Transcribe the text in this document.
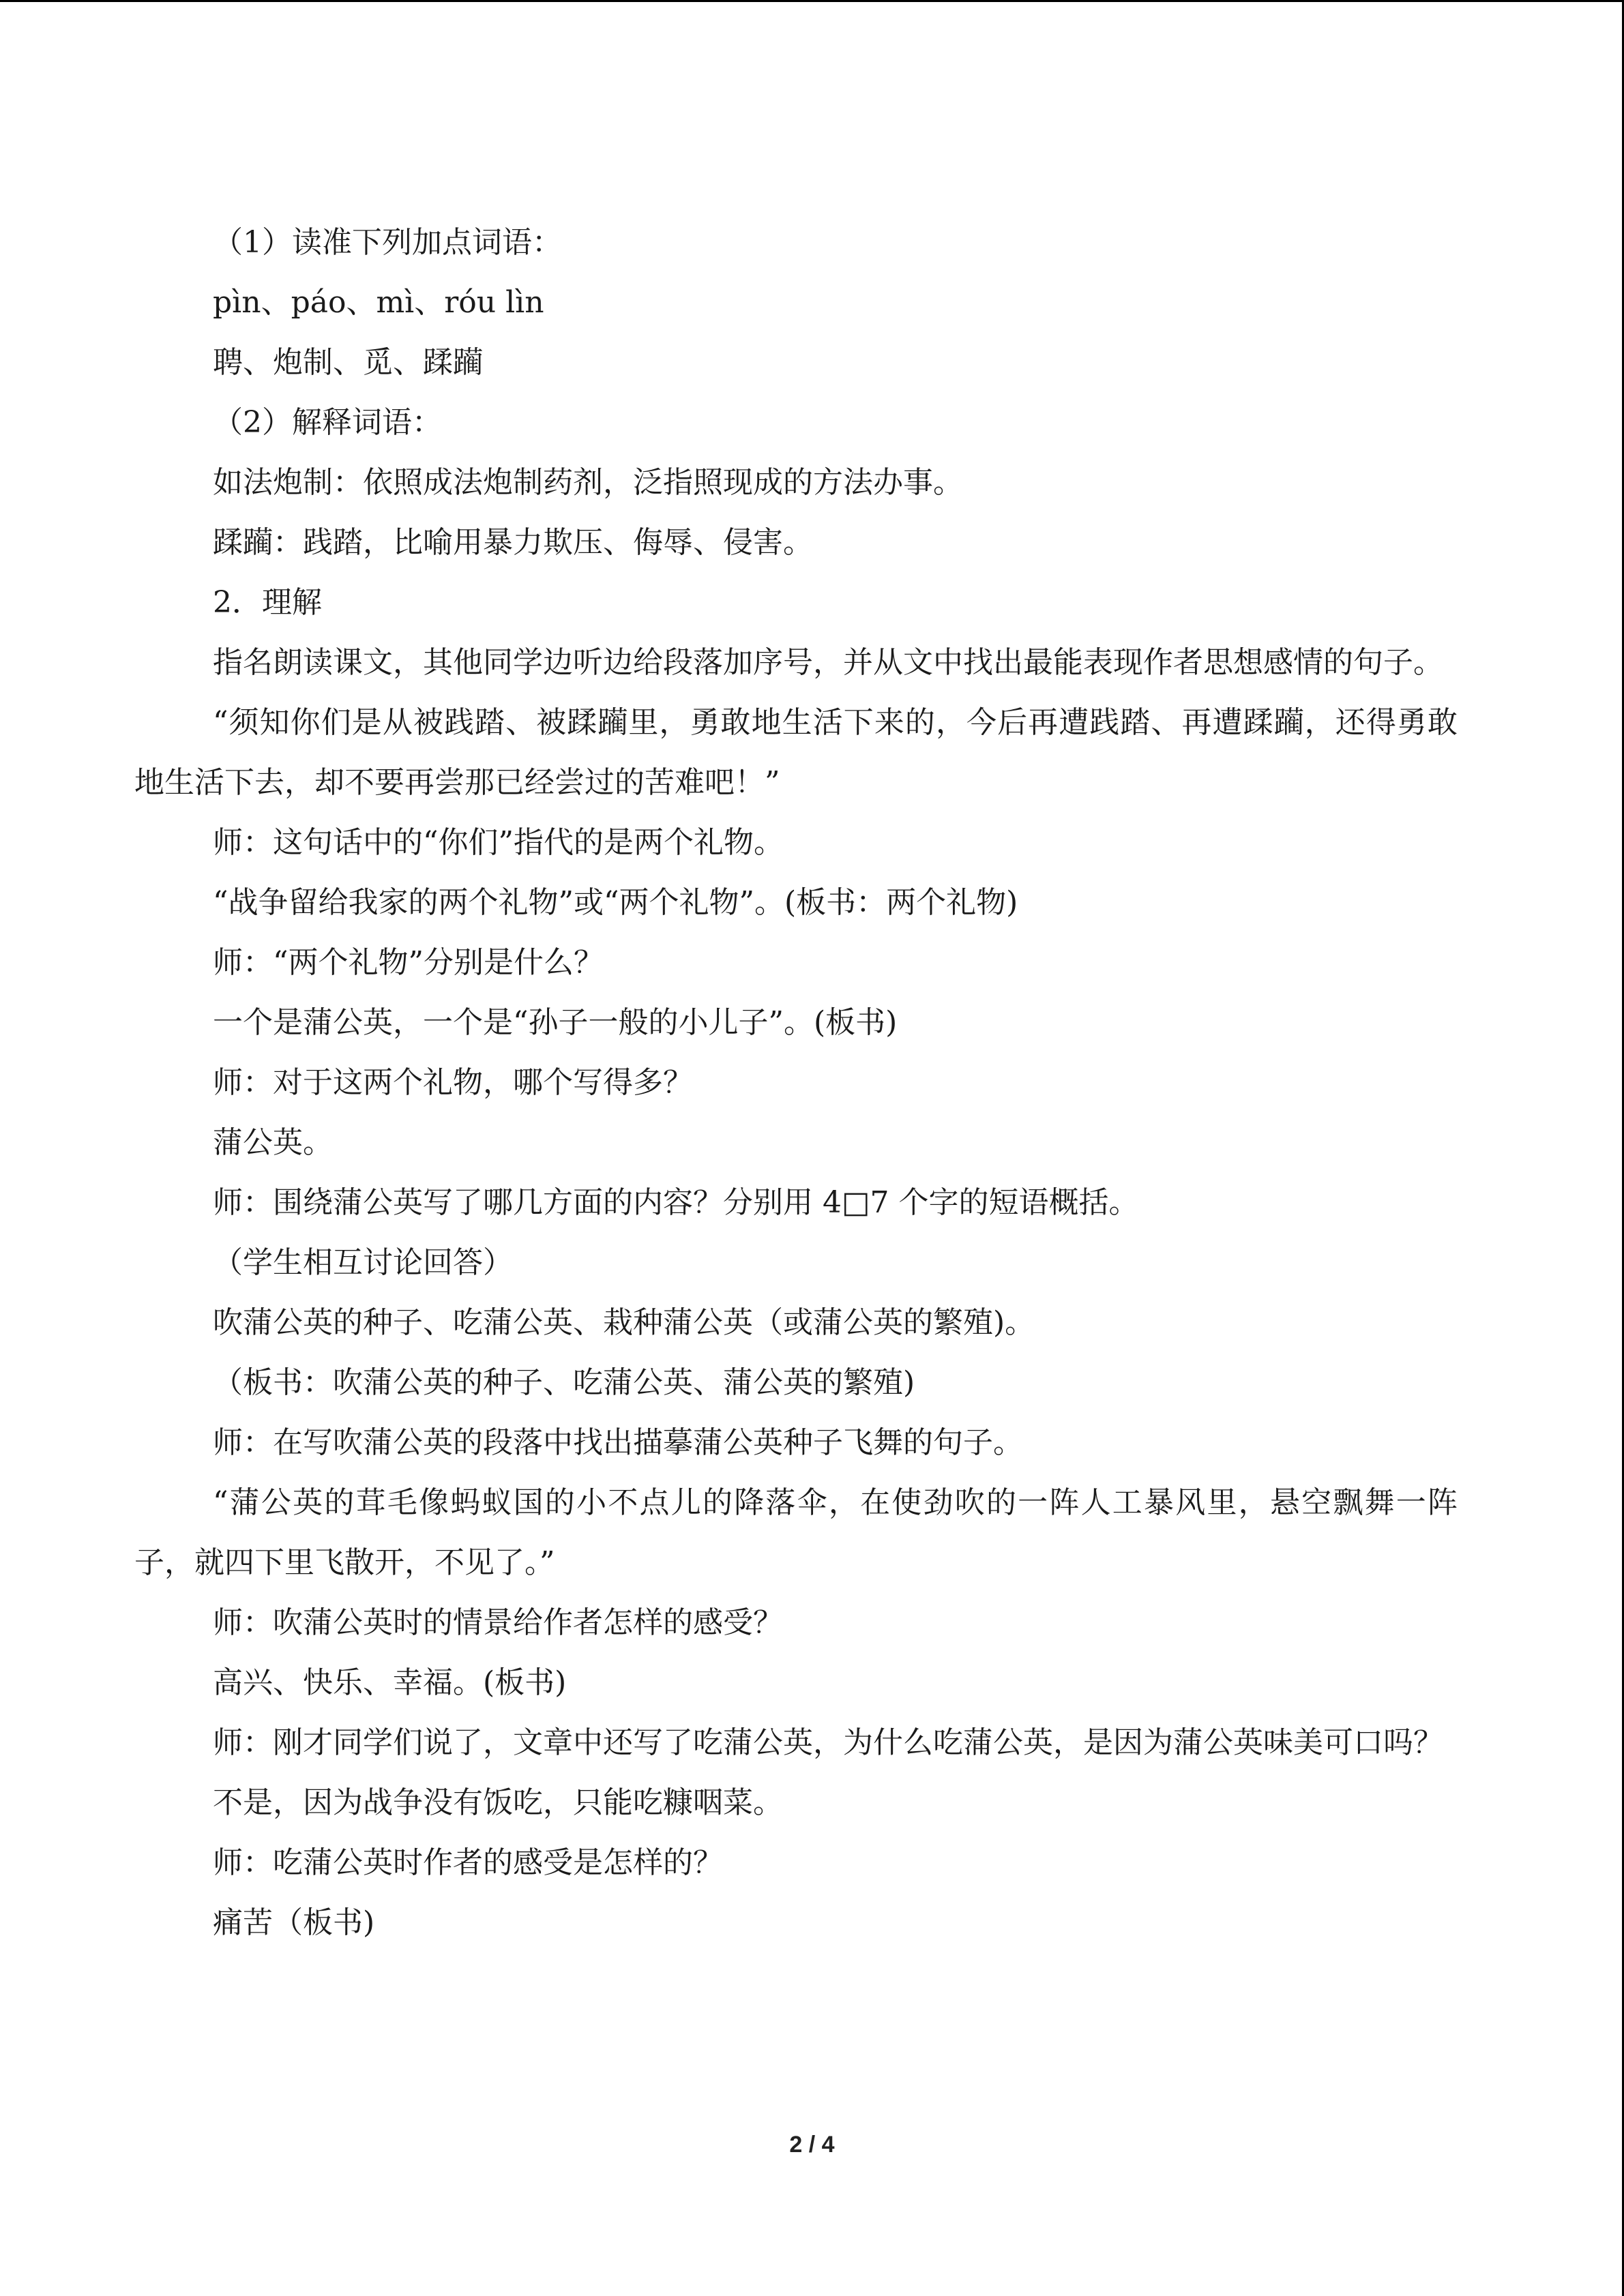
（1）读准下列加点词语：

pìn、páo、mì、róu lìn

聘、炮制、觅、蹂躏

（2）解释词语：

如法炮制：依照成法炮制药剂，泛指照现成的方法办事。

蹂躏：践踏，比喻用暴力欺压、侮辱、侵害。

2．理解

指名朗读课文，其他同学边听边给段落加序号，并从文中找出最能表现作者思想感情的句子。

“须知你们是从被践踏、被蹂躏里，勇敢地生活下来的，今后再遭践踏、再遭蹂躏，还得勇敢地生活下去，却不要再尝那已经尝过的苦难吧！”

师：这句话中的“你们”指代的是两个礼物。

“战争留给我家的两个礼物”或“两个礼物”。(板书：两个礼物)

师：“两个礼物”分别是什么？

一个是蒲公英，一个是“孙子一般的小儿子”。(板书)

师：对于这两个礼物，哪个写得多？

蒲公英。

师：围绕蒲公英写了哪几方面的内容？分别用 4□7 个字的短语概括。

（学生相互讨论回答）

吹蒲公英的种子、吃蒲公英、栽种蒲公英（或蒲公英的繁殖)。

（板书：吹蒲公英的种子、吃蒲公英、蒲公英的繁殖)

师：在写吹蒲公英的段落中找出描摹蒲公英种子飞舞的句子。

“蒲公英的茸毛像蚂蚁国的小不点儿的降落伞，在使劲吹的一阵人工暴风里，悬空飘舞一阵子，就四下里飞散开，不见了。”

师：吹蒲公英时的情景给作者怎样的感受？

高兴、快乐、幸福。(板书)

师：刚才同学们说了，文章中还写了吃蒲公英，为什么吃蒲公英，是因为蒲公英味美可口吗？

不是，因为战争没有饭吃，只能吃糠咽菜。

师：吃蒲公英时作者的感受是怎样的？

痛苦（板书)

2 / 4
